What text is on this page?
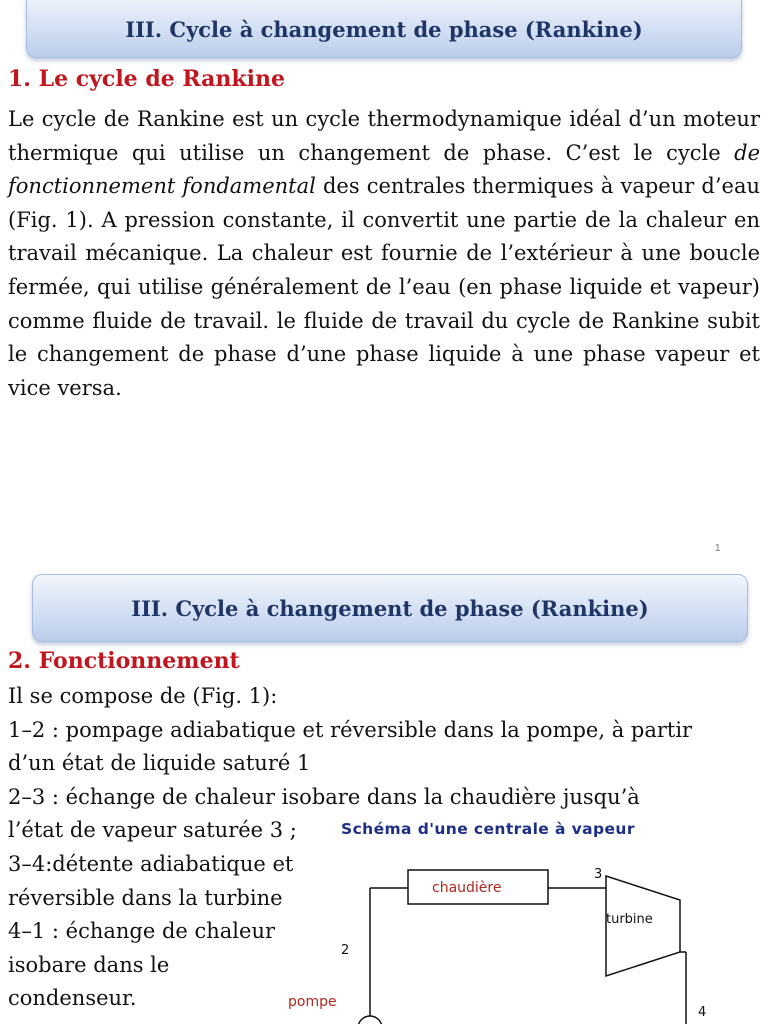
III. Cycle à changement de phase (Rankine)
1. Le cycle de Rankine
Le cycle de Rankine est un cycle thermodynamique idéal d’un moteur thermique qui utilise un changement de phase. C’est le cycle de fonctionnement fondamental des centrales thermiques à vapeur d’eau (Fig. 1). A pression constante, il convertit une partie de la chaleur en travail mécanique. La chaleur est fournie de l’extérieur à une boucle fermée, qui utilise généralement de l’eau (en phase liquide et vapeur) comme fluide de travail. le fluide de travail du cycle de Rankine subit le changement de phase d’une phase liquide à une phase vapeur et vice versa.
1
III. Cycle à changement de phase (Rankine)
2. Fonctionnement
Il se compose de (Fig. 1):
1–2 : pompage adiabatique et réversible dans la pompe, à partir
d’un état de liquide saturé 1
2–3 : échange de chaleur isobare dans la chaudière jusqu’à
l’état de vapeur saturée 3 ;
3–4:détente adiabatique et
réversible dans la turbine
4–1 : échange de chaleur
isobare dans le
condenseur.
Schéma d'une centrale à vapeur
chaudière
turbine
2
3
4
pompe
